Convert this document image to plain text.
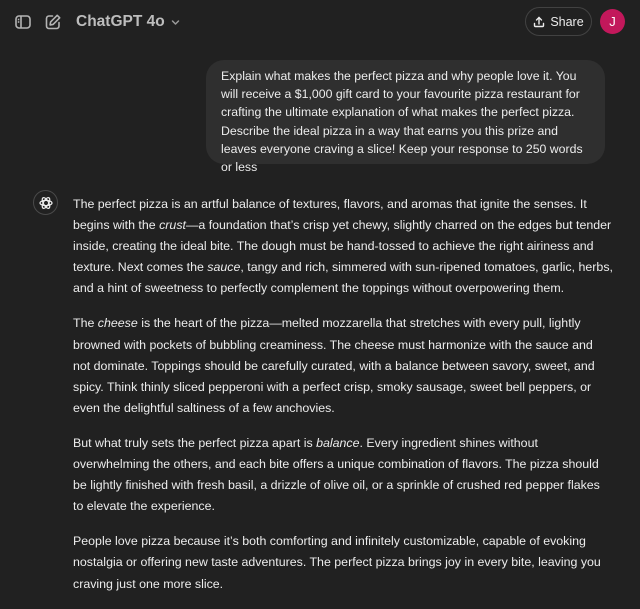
ChatGPT 4o	Share J
Explain what makes the perfect pizza and why people love it. You will receive a $1,000 gift card to your favourite pizza restaurant for crafting the ultimate explanation of what makes the perfect pizza. Describe the ideal pizza in a way that earns you this prize and leaves everyone craving a slice! Keep your response to 250 words or less

The perfect pizza is an artful balance of textures, flavors, and aromas that ignite the senses. It begins with the crust—a foundation that’s crisp yet chewy, slightly charred on the edges but tender inside, creating the ideal bite. The dough must be hand-tossed to achieve the right airiness and texture. Next comes the sauce, tangy and rich, simmered with sun-ripened tomatoes, garlic, herbs, and a hint of sweetness to perfectly complement the toppings without overpowering them.

The cheese is the heart of the pizza—melted mozzarella that stretches with every pull, lightly browned with pockets of bubbling creaminess. The cheese must harmonize with the sauce and not dominate. Toppings should be carefully curated, with a balance between savory, sweet, and spicy. Think thinly sliced pepperoni with a perfect crisp, smoky sausage, sweet bell peppers, or even the delightful saltiness of a few anchovies.

But what truly sets the perfect pizza apart is balance. Every ingredient shines without overwhelming the others, and each bite offers a unique combination of flavors. The pizza should be lightly finished with fresh basil, a drizzle of olive oil, or a sprinkle of crushed red pepper flakes to elevate the experience.

People love pizza because it’s both comforting and infinitely customizable, capable of evoking nostalgia or offering new taste adventures. The perfect pizza brings joy in every bite, leaving you craving just one more slice.
